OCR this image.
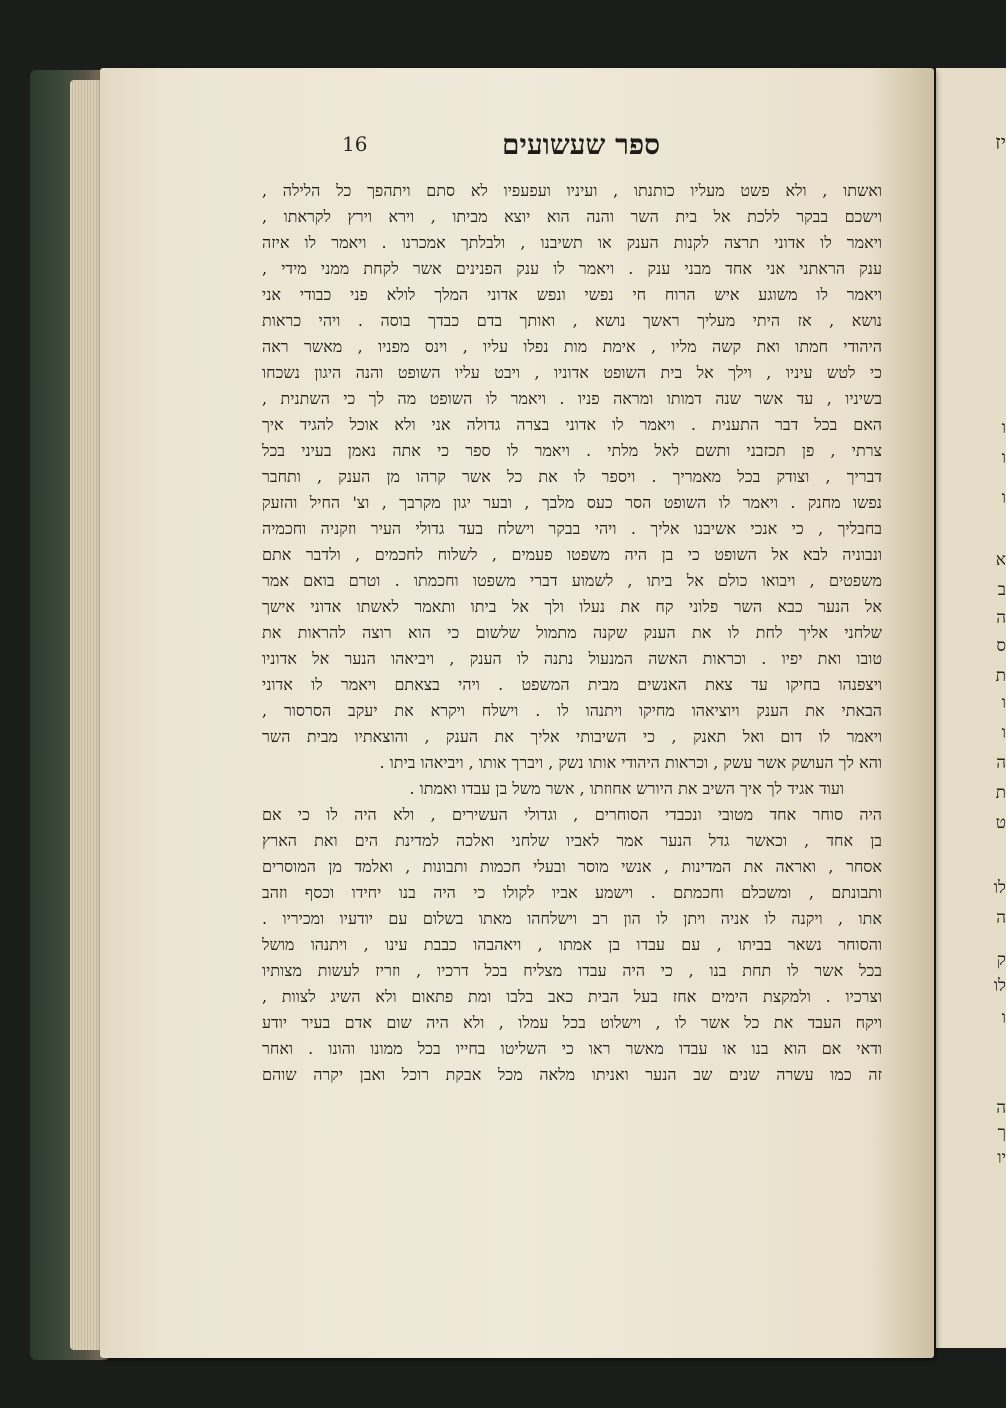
יז
ו
ו
ו
א
ב
ה
ס
ת
ו
ו
ה
ת
ט
לו
ה
ק
לו
ו
ה
ך
יו
16	ספר שעשועים
ואשתו , ולא פשט מעליו כותנתו , ועיניו ועפעפיו לא סתם ויתהפך כל הלילה ,
וישכם בבקר ללכת אל בית השר והנה הוא יוצא מביתו , וירא וירץ לקראתו ,
ויאמר לו אדוני תרצה לקנות הענק או תשיבנו , ולבלתך אמכרנו . ויאמר לו איזה
ענק הראתני אני אחד מבני ענק . ויאמר לו ענק הפנינים אשר לקחת ממני מידי ,
ויאמר לו משוגע איש הרוח חי נפשי ונפש אדוני המלך לולא פני כבודי אני
נושא , אז היתי מעליך ראשך נושא , ואותך בדם כבדך בוסה . ויהי כראות
היהודי חמתו ואת קשה מליו , אימת מות נפלו עליו , וינס מפניו , מאשר ראה
כי לטש עיניו , וילך אל בית השופט אדוניו , ויבט עליו השופט והנה היגון נשכחו
בשיניו , עד אשר שנה דמותו ומראה פניו . ויאמר לו השופט מה לך כי השתנית ,
האם בכל דבר התענית . ויאמר לו אדוני בצרה גדולה אני ולא אוכל להגיד איך
צרתי , פן תכזבני ותשם לאל מלתי . ויאמר לו ספר כי אתה נאמן בעיני בכל
דבריך , וצודק בכל מאמריך . ויספר לו את כל אשר קרהו מן הענק , ותחבר
נפשו מחנק . ויאמר לו השופט הסר כעס מלבך , ובער יגון מקרבך , וצ' החיל והזעק
בחבליך , כי אנכי אשיבנו אליך . ויהי בבקר וישלח בעד גדולי העיר וזקניה וחכמיה
ונבוניה לבא אל השופט כי בן היה משפטו פעמים , לשלוח לחכמים , ולדבר אתם
משפטים , ויבואו כולם אל ביתו , לשמוע דברי משפטו וחכמתו . וטרם בואם אמר
אל הנער כבא השר פלוני קח את נעלו ולך אל ביתו ותאמר לאשתו אדוני אישך
שלחני אליך לחת לו את הענק שקנה מתמול שלשום כי הוא רוצה להראות את
טובו ואת יפיו . וכראות האשה המנעול נתנה לו הענק , ויביאהו הנער אל אדוניו
ויצפנהו בחיקו עד צאת האנשים מבית המשפט . ויהי בצאתם ויאמר לו אדוני
הבאתי את הענק ויוציאהו מחיקו ויתנהו לו . וישלח ויקרא את יעקב הסרסור ,
ויאמר לו דום ואל תאנק , כי השיבותי אליך את הענק , והוצאתיו מבית השר
והא לך העושק אשר עשק , וכראות היהודי אותו נשק , ויברך אותו , ויביאהו ביתו .
ועוד אגיד לך איך השיב את היורש אחוזתו , אשר משל בן עבדו ואמתו .
היה סוחר אחד מטובי ונכבדי הסוחרים , וגדולי העשירים , ולא היה לו כי אם
בן אחד , וכאשר גדל הנער אמר לאביו שלחני ואלכה למדינת הים ואת הארץ
אסחר , ואראה את המדינות , אנשי מוסר ובעלי חכמות ותבונות , ואלמד מן המוסרים
ותבונתם , ומשכלם וחכמתם . וישמע אביו לקולו כי היה בנו יחידו וכסף וזהב
אתו , ויקנה לו אניה ויתן לו הון רב וישלחהו מאתו בשלום עם יודעיו ומכיריו .
והסוחר נשאר בביתו , עם עבדו בן אמתו , ויאהבהו כבבת עינו , ויתנהו מושל
בכל אשר לו תחת בנו , כי היה עבדו מצליח בכל דרכיו , וזריז לעשות מצותיו
וצרכיו . ולמקצת הימים אחז בעל הבית כאב בלבו ומת פתאום ולא השיג לצוות ,
ויקח העבד את כל אשר לו , וישלוט בכל עמלו , ולא היה שום אדם בעיר יודע
ודאי אם הוא בנו או עבדו מאשר ראו כי השליטו בחייו בכל ממונו והונו . ואחר
זה כמו עשרה שנים שב הנער ואניתו מלאה מכל אבקת רוכל ואבן יקרה שוהם
